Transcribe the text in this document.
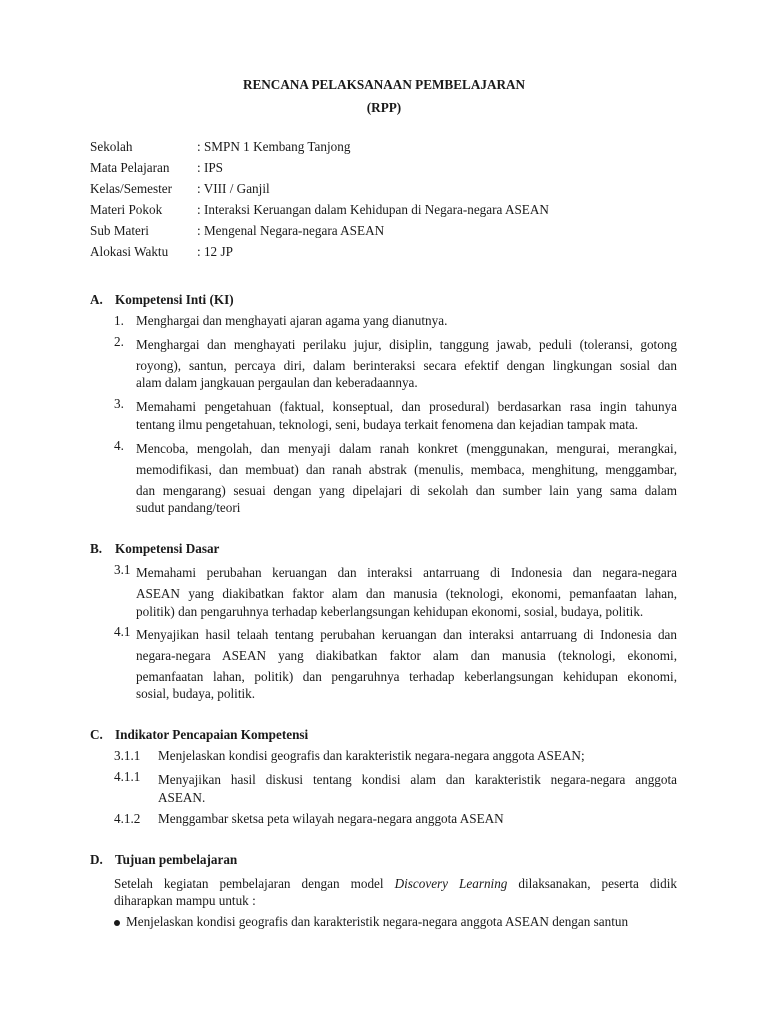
RENCANA PELAKSANAAN PEMBELAJARAN
(RPP)
Sekolah	: SMPN 1 Kembang Tanjong
Mata Pelajaran : IPS
Kelas/Semester : VIII / Ganjil
Materi Pokok	: Interaksi Keruangan dalam Kehidupan di Negara-negara ASEAN
Sub Materi	: Mengenal Negara-negara ASEAN
Alokasi Waktu : 12 JP
A. Kompetensi Inti (KI)
1. Menghargai dan menghayati ajaran agama yang dianutnya.
2. Menghargai dan menghayati perilaku jujur, disiplin, tanggung jawab, peduli (toleransi, gotong
royong), santun, percaya diri, dalam berinteraksi secara efektif dengan lingkungan sosial dan
alam dalam jangkauan pergaulan dan keberadaannya.
3. Memahami pengetahuan (faktual, konseptual, dan prosedural) berdasarkan rasa ingin tahunya
tentang ilmu pengetahuan, teknologi, seni, budaya terkait fenomena dan kejadian tampak mata.
4. Mencoba, mengolah, dan menyaji dalam ranah konkret (menggunakan, mengurai, merangkai,
memodifikasi, dan membuat) dan ranah abstrak (menulis, membaca, menghitung, menggambar,
dan mengarang) sesuai dengan yang dipelajari di sekolah dan sumber lain yang sama dalam
sudut pandang/teori
B. Kompetensi Dasar
3.1 Memahami perubahan keruangan dan interaksi antarruang di Indonesia dan negara-negara
ASEAN yang diakibatkan faktor alam dan manusia (teknologi, ekonomi, pemanfaatan lahan,
politik) dan pengaruhnya terhadap keberlangsungan kehidupan ekonomi, sosial, budaya, politik.
4.1 Menyajikan hasil telaah tentang perubahan keruangan dan interaksi antarruang di Indonesia dan
negara-negara ASEAN yang diakibatkan faktor alam dan manusia (teknologi, ekonomi,
pemanfaatan lahan, politik) dan pengaruhnya terhadap keberlangsungan kehidupan ekonomi,
sosial, budaya, politik.
C. Indikator Pencapaian Kompetensi
3.1.1 Menjelaskan kondisi geografis dan karakteristik negara-negara anggota ASEAN;
4.1.1 Menyajikan hasil diskusi tentang kondisi alam dan karakteristik negara-negara anggota
ASEAN.
4.1.2 Menggambar sketsa peta wilayah negara-negara anggota ASEAN
D. Tujuan pembelajaran
Setelah kegiatan pembelajaran dengan model Discovery Learning dilaksanakan, peserta didik
diharapkan mampu untuk :
Menjelaskan kondisi geografis dan karakteristik negara-negara anggota ASEAN dengan santun
